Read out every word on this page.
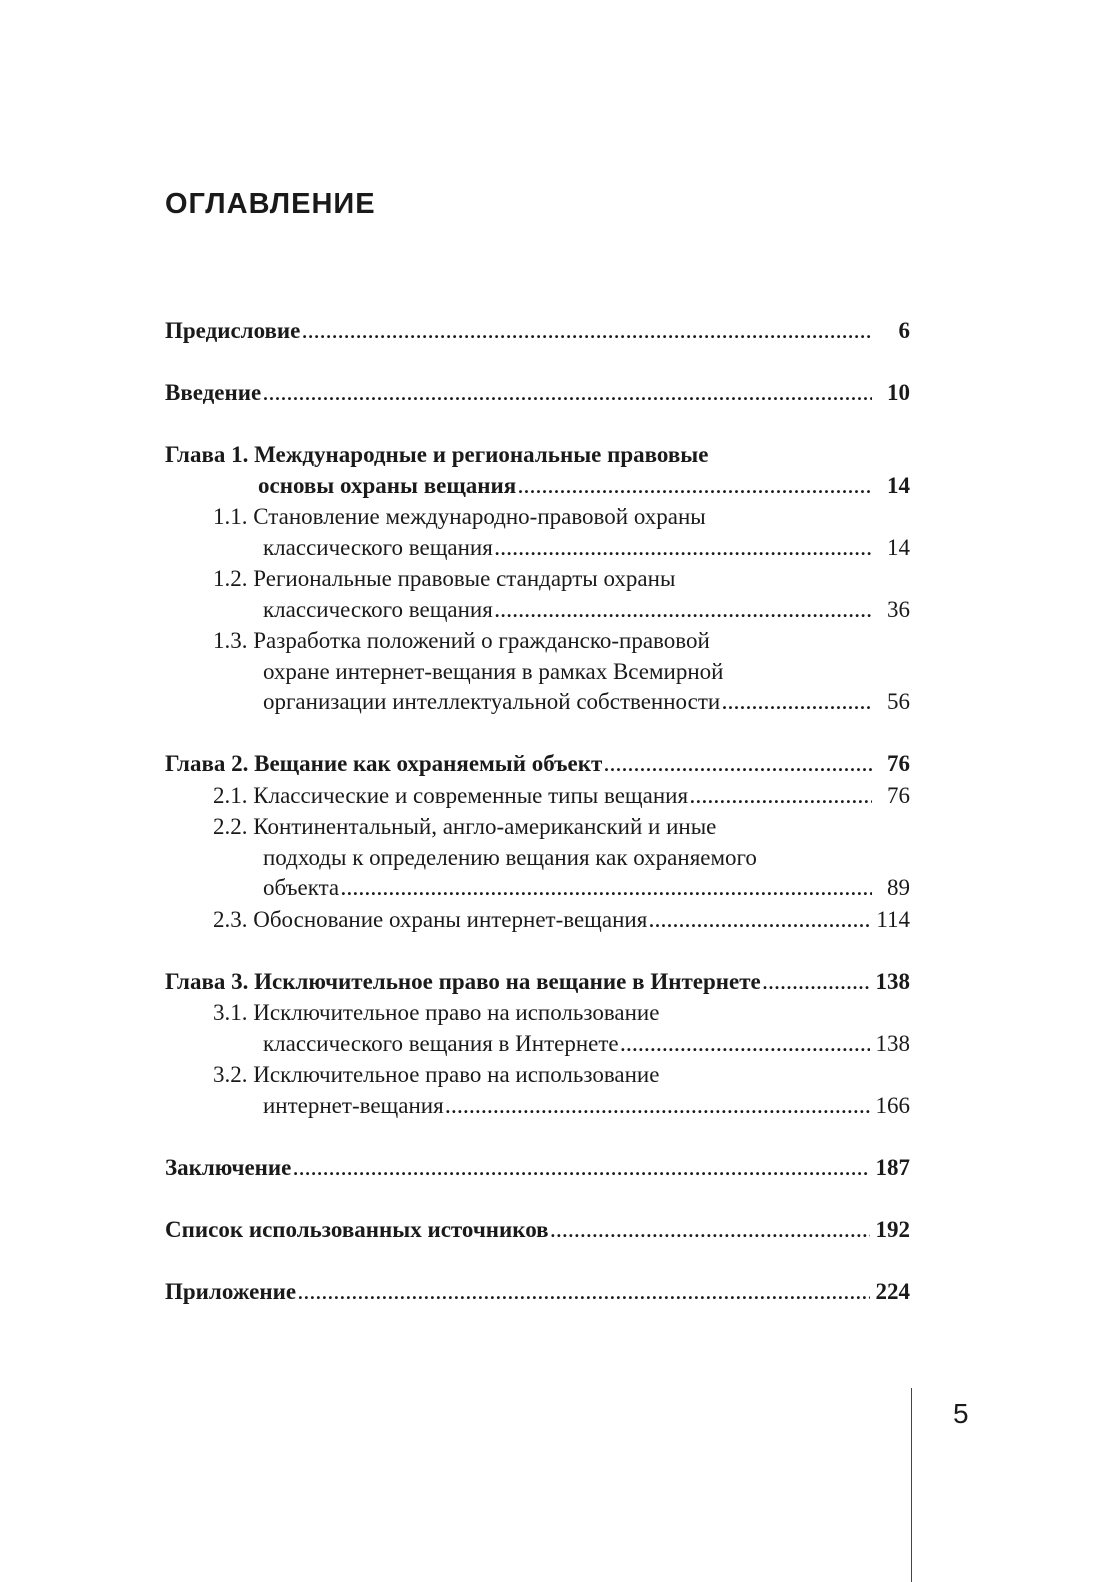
ОГЛАВЛЕНИЕ
Предисловие .....	6
Введение .....	10
Глава 1. Международные и региональные правовые
основы охраны вещания .....	14
1.1. Становление международно-правовой охраны
классического вещания .....	14
1.2. Региональные правовые стандарты охраны
классического вещания .....	36
1.3. Разработка положений о гражданско-правовой
охране интернет-вещания в рамках Всемирной
организации интеллектуальной собственности .....	56
Глава 2. Вещание как охраняемый объект .....	76
2.1. Классические и современные типы вещания .....	76
2.2. Континентальный, англо-американский и иные
подходы к определению вещания как охраняемого
объекта .....	89
2.3. Обоснование охраны интернет-вещания .....	114
Глава 3. Исключительное право на вещание в Интернете .....	138
3.1. Исключительное право на использование
классического вещания в Интернете .....	138
3.2. Исключительное право на использование
интернет-вещания .....	166
Заключение .....	187
Список использованных источников .....	192
Приложение .....	224
5
